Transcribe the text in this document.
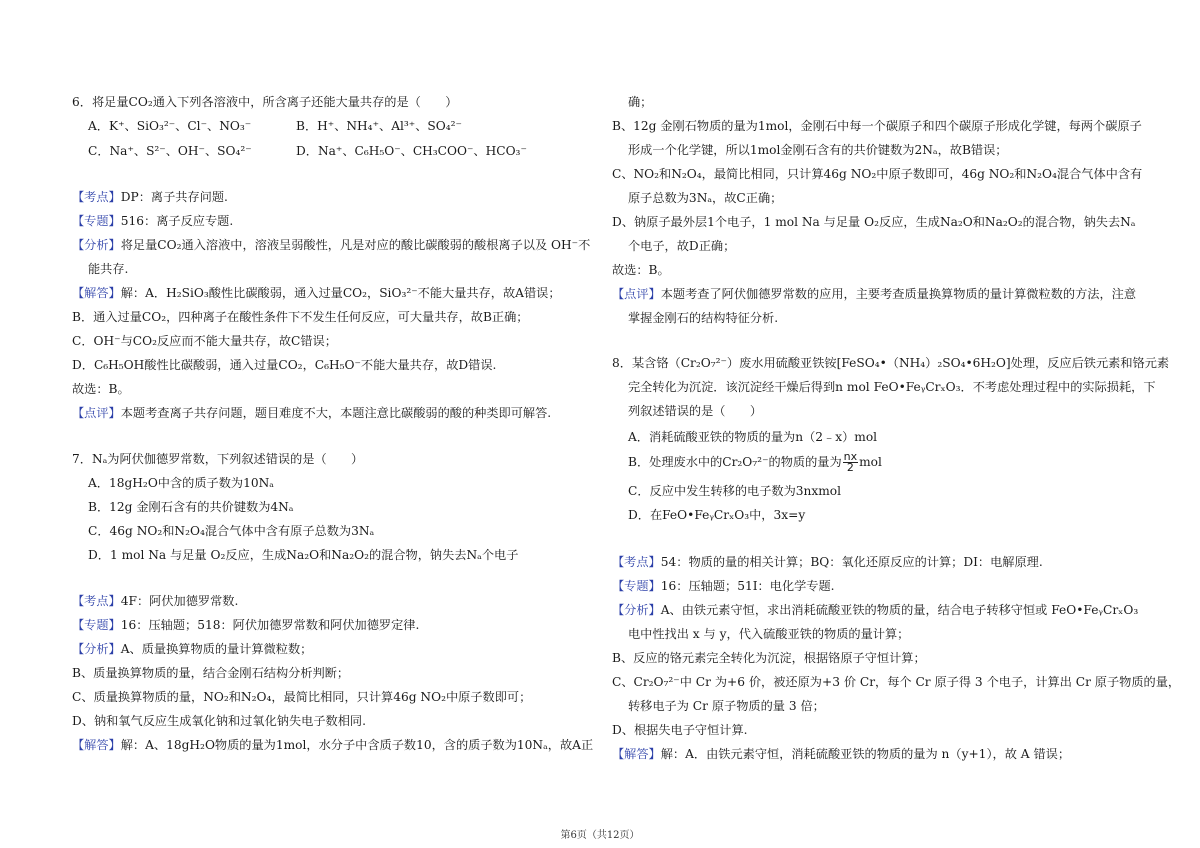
6．将足量CO₂通入下列各溶液中，所含离子还能大量共存的是（　　）
A．K⁺、SiO₃²⁻、Cl⁻、NO₃⁻	B．H⁺、NH₄⁺、Al³⁺、SO₄²⁻
C．Na⁺、S²⁻、OH⁻、SO₄²⁻	D．Na⁺、C₆H₅O⁻、CH₃COO⁻、HCO₃⁻
【考点】DP：离子共存问题.
【专题】516：离子反应专题.
【分析】将足量CO₂通入溶液中，溶液呈弱酸性，凡是对应的酸比碳酸弱的酸根离子以及 OH⁻不
能共存.
【解答】解：A．H₂SiO₃酸性比碳酸弱，通入过量CO₂，SiO₃²⁻不能大量共存，故A错误；
B．通入过量CO₂，四种离子在酸性条件下不发生任何反应，可大量共存，故B正确；
C．OH⁻与CO₂反应而不能大量共存，故C错误；
D．C₆H₅OH酸性比碳酸弱，通入过量CO₂，C₆H₅O⁻不能大量共存，故D错误.
故选：B。
【点评】本题考查离子共存问题，题目难度不大，本题注意比碳酸弱的酸的种类即可解答.
7．Nₐ为阿伏伽德罗常数，下列叙述错误的是（　　）
A．18gH₂O中含的质子数为10Nₐ
B．12g 金刚石含有的共价键数为4Nₐ
C．46g NO₂和N₂O₄混合气体中含有原子总数为3Nₐ
D．1 mol Na 与足量 O₂反应，生成Na₂O和Na₂O₂的混合物，钠失去Nₐ个电子
【考点】4F：阿伏加德罗常数.
【专题】16：压轴题；518：阿伏加德罗常数和阿伏加德罗定律.
【分析】A、质量换算物质的量计算微粒数；
B、质量换算物质的量，结合金刚石结构分析判断；
C、质量换算物质的量，NO₂和N₂O₄，最简比相同，只计算46g NO₂中原子数即可；
D、钠和氧气反应生成氧化钠和过氧化钠失电子数相同.
【解答】解：A、18gH₂O物质的量为1mol，水分子中含质子数10，含的质子数为10Nₐ，故A正
确；
B、12g 金刚石物质的量为1mol，金刚石中每一个碳原子和四个碳原子形成化学键，每两个碳原子
形成一个化学键，所以1mol金刚石含有的共价键数为2Nₐ，故B错误；
C、NO₂和N₂O₄，最简比相同，只计算46g NO₂中原子数即可，46g NO₂和N₂O₄混合气体中含有
原子总数为3Nₐ，故C正确；
D、钠原子最外层1个电子，1 mol Na 与足量 O₂反应，生成Na₂O和Na₂O₂的混合物，钠失去Nₐ
个电子，故D正确；
故选：B。
【点评】本题考查了阿伏伽德罗常数的应用，主要考查质量换算物质的量计算微粒数的方法，注意
掌握金刚石的结构特征分析.
8．某含铬（Cr₂O₇²⁻）废水用硫酸亚铁铵[FeSO₄•（NH₄）₂SO₄•6H₂O]处理，反应后铁元素和铬元素
完全转化为沉淀．该沉淀经干燥后得到n mol FeO•FeᵧCrₓO₃．不考虑处理过程中的实际损耗，下
列叙述错误的是（　　）
A．消耗硫酸亚铁的物质的量为n（2﹣x）mol
B．处理废水中的Cr₂O₇²⁻的物质的量为 $\frac{nx}{2}$ mol
C．反应中发生转移的电子数为3nxmol
D．在FeO•FeᵧCrₓO₃中，3x=y
【考点】54：物质的量的相关计算；BQ：氧化还原反应的计算；DI：电解原理.
【专题】16：压轴题；51I：电化学专题.
【分析】A、由铁元素守恒，求出消耗硫酸亚铁的物质的量，结合电子转移守恒或 FeO•FeᵧCrₓO₃
电中性找出 x 与 y，代入硫酸亚铁的物质的量计算；
B、反应的铬元素完全转化为沉淀，根据铬原子守恒计算；
C、Cr₂O₇²⁻中 Cr 为+6 价，被还原为+3 价 Cr，每个 Cr 原子得 3 个电子，计算出 Cr 原子物质的量，
转移电子为 Cr 原子物质的量 3 倍；
D、根据失电子守恒计算.
【解答】解：A．由铁元素守恒，消耗硫酸亚铁的物质的量为 n（y+1），故 A 错误；
第6页（共12页）
